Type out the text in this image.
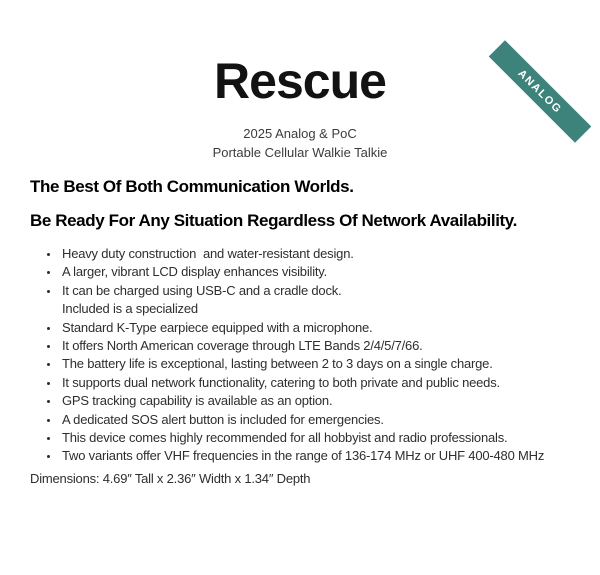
ANALOG
Rescue
2025 Analog & PoC
Portable Cellular Walkie Talkie
The Best Of Both Communication Worlds.
Be Ready For Any Situation Regardless Of Network Availability.
• Heavy duty construction  and water-resistant design.
• A larger, vibrant LCD display enhances visibility.
• It can be charged using USB-C and a cradle dock.
Included is a specialized
• Standard K-Type earpiece equipped with a microphone.
• It offers North American coverage through LTE Bands 2/4/5/7/66.
• The battery life is exceptional, lasting between 2 to 3 days on a single charge.
• It supports dual network functionality, catering to both private and public needs.
• GPS tracking capability is available as an option.
• A dedicated SOS alert button is included for emergencies.
• This device comes highly recommended for all hobbyist and radio professionals.
• Two variants offer VHF frequencies in the range of 136-174 MHz or UHF 400-480 MHz
Dimensions: 4.69″ Tall x 2.36″ Width x 1.34″ Depth
